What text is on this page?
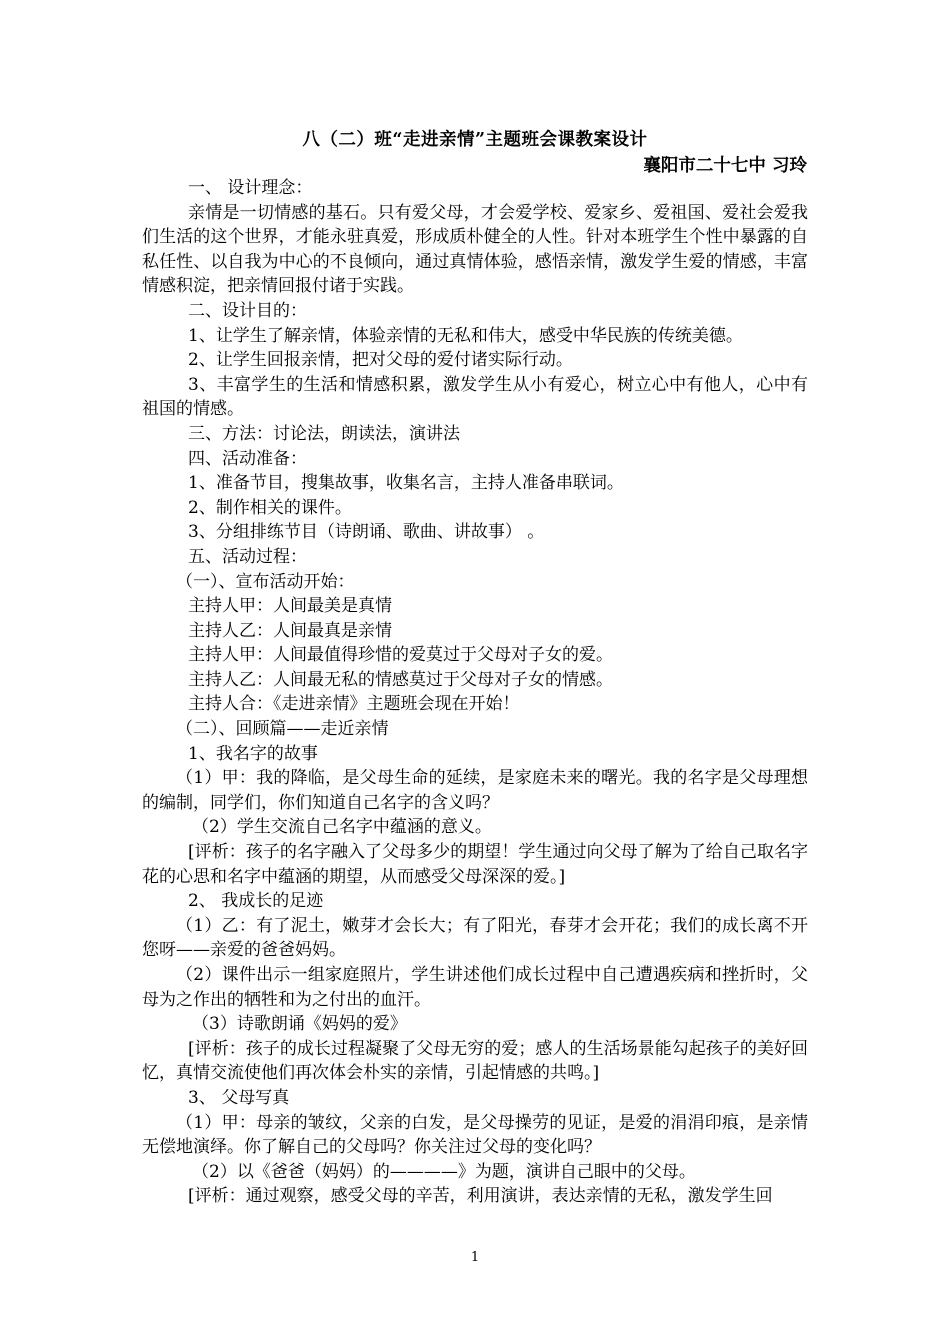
八（二）班“走进亲情”主题班会课教案设计
襄阳市二十七中 习玲

一、 设计理念：

亲情是一切情感的基石。只有爱父母，才会爱学校、爱家乡、爱祖国、爱社会爱我们生活的这个世界，才能永驻真爱，形成质朴健全的人性。针对本班学生个性中暴露的自私任性、以自我为中心的不良倾向，通过真情体验，感悟亲情，激发学生爱的情感，丰富情感积淀，把亲情回报付诸于实践。

二、设计目的：

1、让学生了解亲情，体验亲情的无私和伟大，感受中华民族的传统美德。

2、让学生回报亲情，把对父母的爱付诸实际行动。

3、丰富学生的生活和情感积累，激发学生从小有爱心，树立心中有他人，心中有祖国的情感。

三、方法：讨论法，朗读法，演讲法

四、活动准备：

1、准备节目，搜集故事，收集名言，主持人准备串联词。

2、制作相关的课件。

3、分组排练节目（诗朗诵、歌曲、讲故事） 。

五、活动过程：

（一）、宣布活动开始：

主持人甲：人间最美是真情

主持人乙：人间最真是亲情

主持人甲：人间最值得珍惜的爱莫过于父母对子女的爱。

主持人乙：人间最无私的情感莫过于父母对子女的情感。

主持人合：《走进亲情》主题班会现在开始！

（二）、回顾篇——走近亲情

1、我名字的故事

（1）甲：我的降临，是父母生命的延续，是家庭未来的曙光。我的名字是父母理想的编制，同学们，你们知道自己名字的含义吗？

（2）学生交流自己名字中蕴涵的意义。

[评析：孩子的名字融入了父母多少的期望！学生通过向父母了解为了给自己取名字花的心思和名字中蕴涵的期望，从而感受父母深深的爱。]

2、 我成长的足迹

（1）乙：有了泥土，嫩芽才会长大；有了阳光，春芽才会开花；我们的成长离不开您呀——亲爱的爸爸妈妈。

（2）课件出示一组家庭照片，学生讲述他们成长过程中自己遭遇疾病和挫折时，父母为之作出的牺牲和为之付出的血汗。

（3）诗歌朗诵《妈妈的爱》

[评析：孩子的成长过程凝聚了父母无穷的爱；感人的生活场景能勾起孩子的美好回忆，真情交流使他们再次体会朴实的亲情，引起情感的共鸣。]

3、 父母写真

（1）甲：母亲的皱纹，父亲的白发，是父母操劳的见证，是爱的涓涓印痕，是亲情无偿地演绎。你了解自己的父母吗？你关注过父母的变化吗？

（2）以《爸爸（妈妈）的————》为题，演讲自己眼中的父母。

[评析：通过观察，感受父母的辛苦，利用演讲，表达亲情的无私，激发学生回

1
